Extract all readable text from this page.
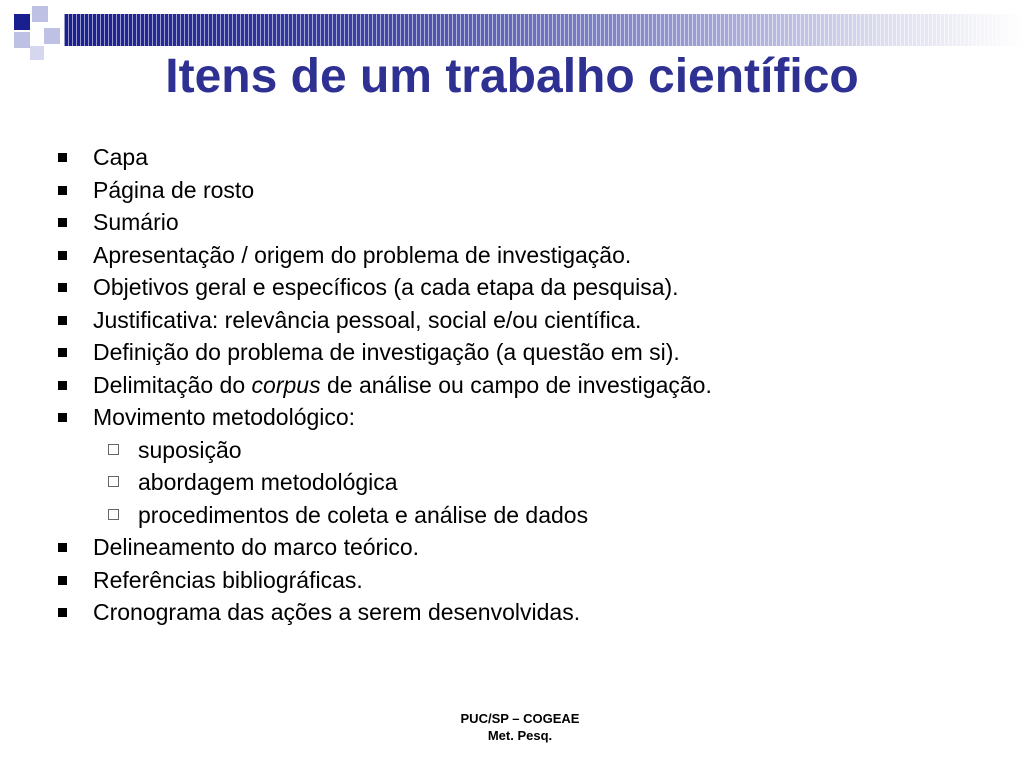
Itens de um trabalho científico
Capa
Página de rosto
Sumário
Apresentação / origem do problema de investigação.
Objetivos geral e específicos (a cada etapa da pesquisa).
Justificativa: relevância pessoal, social e/ou científica.
Definição do problema de investigação (a questão em si).
Delimitação do corpus de análise ou campo de investigação.
Movimento metodológico:
suposição
abordagem metodológica
procedimentos de coleta e análise de dados
Delineamento do marco teórico.
Referências bibliográficas.
Cronograma das ações a serem desenvolvidas.
PUC/SP – COGEAE
Met. Pesq.
